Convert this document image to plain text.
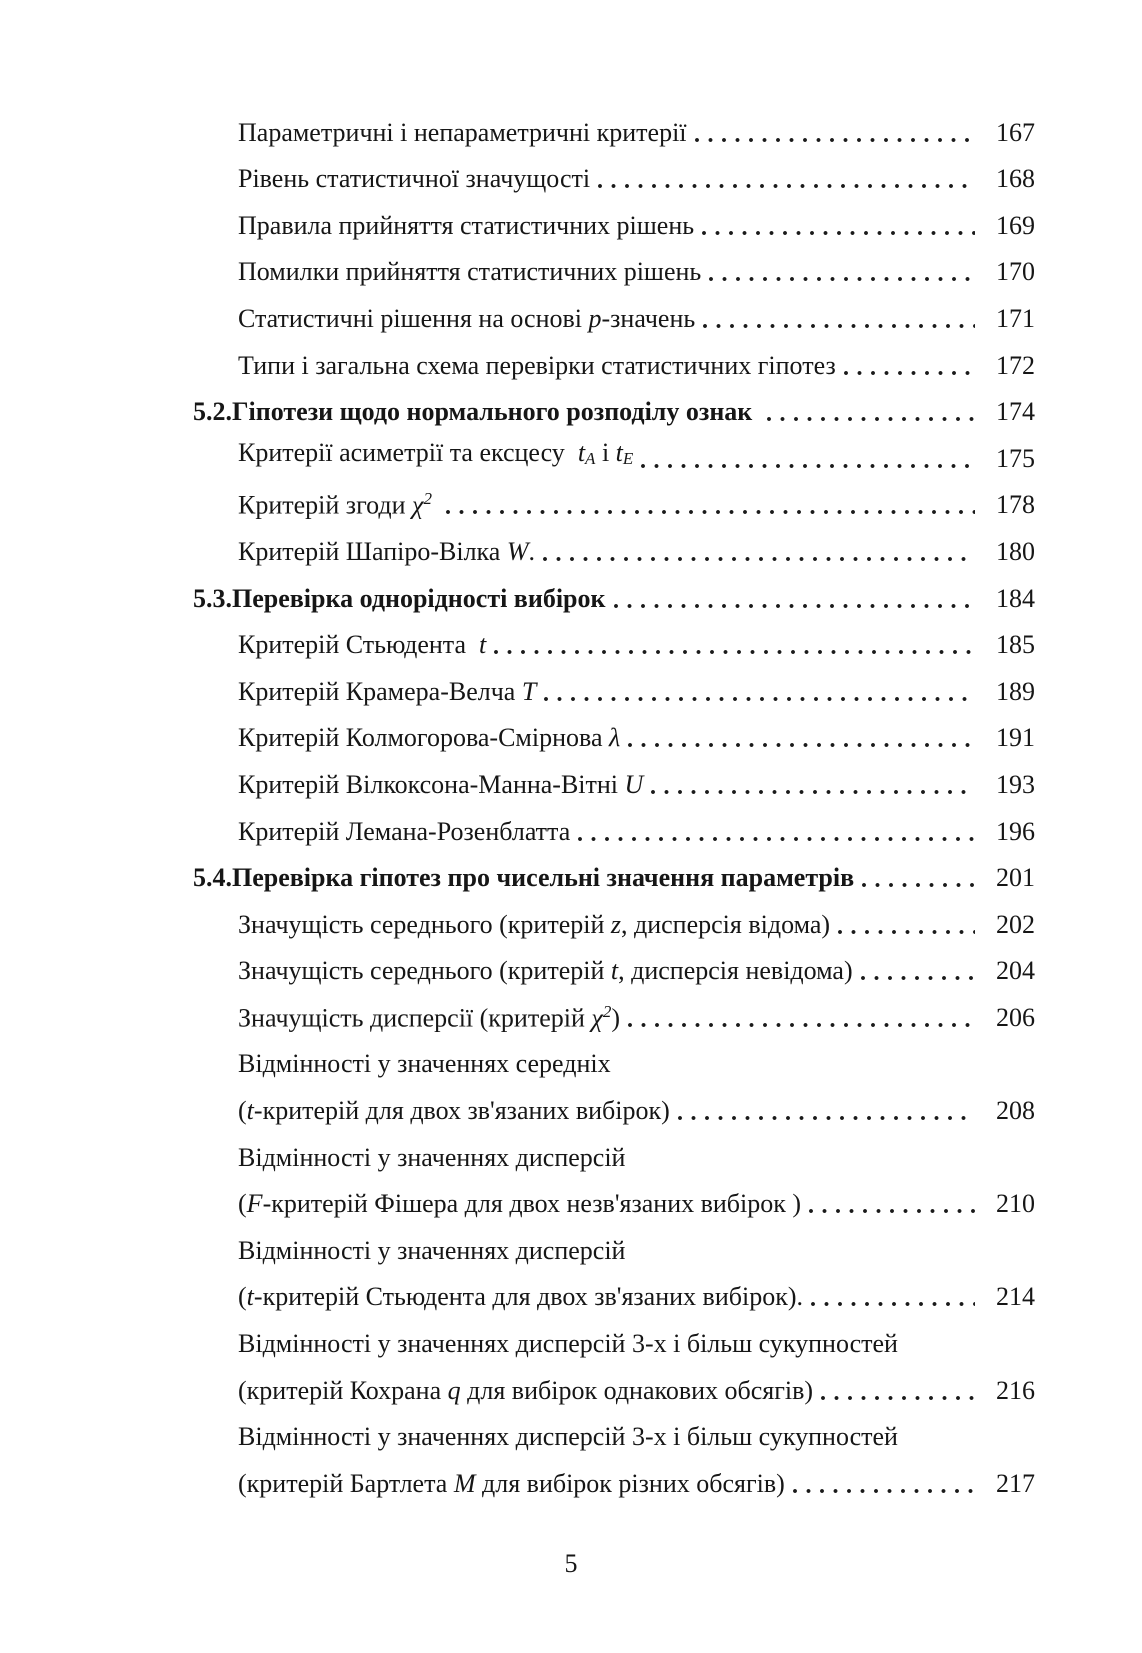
Параметричні і непараметричні критерії	167
Рівень статистичної значущості	168
Правила прийняття статистичних рішень	169
Помилки прийняття статистичних рішень	170
Статистичні рішення на основі p-значень	171
Типи і загальна схема перевірки статистичних гіпотез	172
5.2.Гіпотези щодо нормального розподілу ознак	174
Критерії асиметрії та ексцесу  tA і tE	175
Критерій згоди $\chi^2$	178
Критерій Шапіро-Вілка W.	180
5.3.Перевірка однорідності вибірок	184
Критерій Стьюдента  t	185
Критерій Крамера-Велча T	189
Критерій Колмогорова-Смірнова λ	191
Критерій Вілкоксона-Манна-Вітні U	193
Критерій Лемана-Розенблатта	196
5.4.Перевірка гіпотез про чисельні значення параметрів	201
Значущість середнього (критерій z, дисперсія відома)	202
Значущість середнього (критерій t, дисперсія невідома)	204
Значущість дисперсії (критерій $\chi^2$)	206
Відмінності у значеннях середніх
(t-критерій для двох зв'язаних вибірок)	208
Відмінності у значеннях дисперсій
(F-критерій Фішера для двох незв'язаних вибірок )	210
Відмінності у значеннях дисперсій
(t-критерій Стьюдента для двох зв'язаних вибірок).	214
Відмінності у значеннях дисперсій 3-х і більш сукупностей
(критерій Кохрана q для вибірок однакових обсягів)	216
Відмінності у значеннях дисперсій 3-х і більш сукупностей
(критерій Бартлета M для вибірок різних обсягів)	217
5
